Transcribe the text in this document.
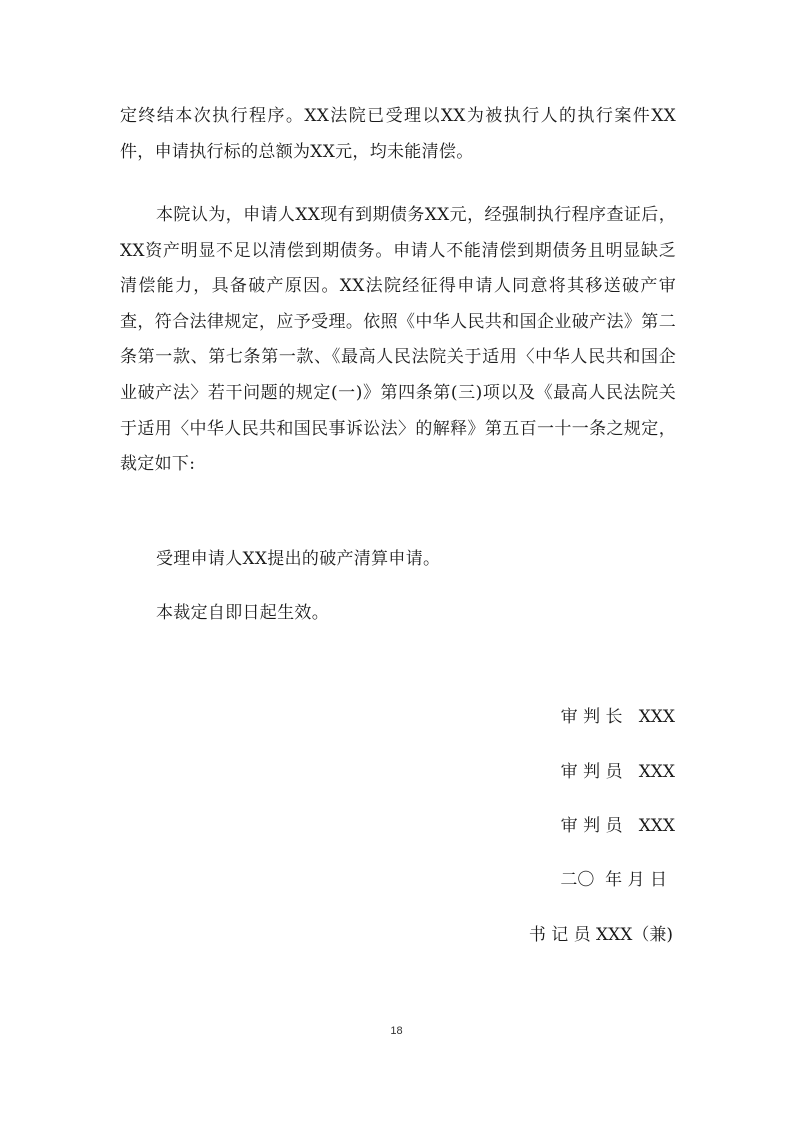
定终结本次执行程序。XX法院已受理以XX为被执行人的执行案件XX件，申请执行标的总额为XX元，均未能清偿。

本院认为，申请人XX现有到期债务XX元，经强制执行程序查证后，XX资产明显不足以清偿到期债务。申请人不能清偿到期债务且明显缺乏清偿能力，具备破产原因。XX法院经征得申请人同意将其移送破产审查，符合法律规定，应予受理。依照《中华人民共和国企业破产法》第二条第一款、第七条第一款、《最高人民法院关于适用〈中华人民共和国企业破产法〉若干问题的规定(一)》第四条第(三)项以及《最高人民法院关于适用〈中华人民共和国民事诉讼法〉的解释》第五百一十一条之规定，裁定如下:

受理申请人XX提出的破产清算申请。

本裁定自即日起生效。

审 判 长   XXX

审 判 员   XXX

审 判 员   XXX

二〇  年 月 日

书 记 员 XXX（兼)

18
